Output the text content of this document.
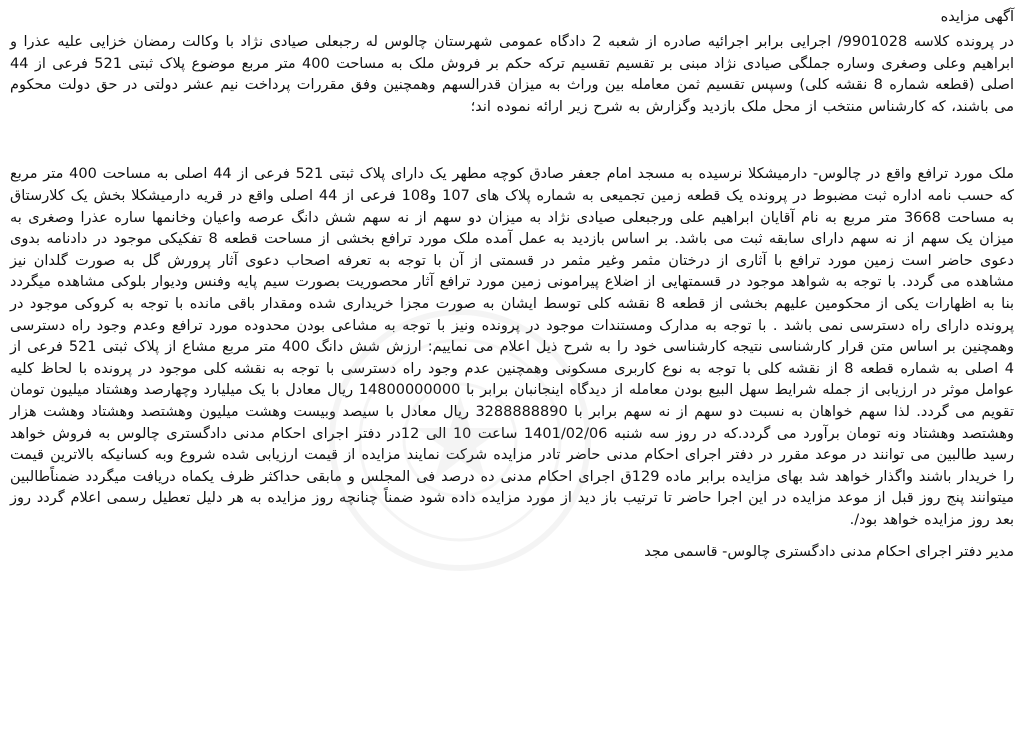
آگهی مزایده

در پرونده کلاسه 9901028/ اجرایی برابر اجرائیه صادره از شعبه 2 دادگاه عمومی شهرستان چالوس له رجبعلی صیادی نژاد با وکالت رمضان خزایی علیه عذرا و ابراهیم وعلی وصغری وساره جملگی صیادی نژاد مبنی بر تقسیم تقسیم ترکه حکم بر فروش ملک به مساحت 400 متر مربع موضوع پلاک ثبتی 521 فرعی از 44 اصلی (قطعه شماره 8 نقشه کلی) وسپس تقسیم ثمن معامله بین وراث به میزان قدرالسهم وهمچنین وفق مقررات پرداخت نیم عشر دولتی در حق دولت محکوم می باشند، که کارشناس منتخب از محل ملک بازدید وگزارش به شرح زیر ارائه نموده اند؛

ملک مورد ترافع واقع در چالوس- دارمیشکلا نرسیده به مسجد امام جعفر صادق کوچه مطهر یک دارای پلاک ثبتی 521 فرعی از 44 اصلی به مساحت 400 متر مربع که حسب نامه اداره ثبت مضبوط در پرونده یک قطعه زمین تجمیعی به شماره پلاک های 107 و108 فرعی از 44 اصلی واقع در قریه دارمیشکلا بخش یک کلارستاق به مساحت 3668 متر مربع به نام آقایان ابراهیم علی ورجبعلی صیادی نژاد به میزان دو سهم از نه سهم شش دانگ عرصه واعیان وخانمها ساره عذرا وصغری به میزان یک سهم از نه سهم دارای سابقه ثبت می باشد. بر اساس بازدید به عمل آمده ملک مورد ترافع بخشی از مساحت قطعه 8 تفکیکی موجود در دادنامه بدوی دعوی حاضر است زمین مورد ترافع با آثاری از درختان مثمر وغیر مثمر در قسمتی از آن با توجه به تعرفه اصحاب دعوی آثار پرورش گل به صورت گلدان نیز مشاهده می گردد. با توجه به شواهد موجود در قسمتهایی از اضلاع پیرامونی زمین مورد ترافع آثار محصوریت بصورت سیم پایه وفنس ودیوار بلوکی مشاهده میگردد بنا به اظهارات یکی از محکومین علیهم بخشی از قطعه 8 نقشه کلی توسط ایشان به صورت مجزا خریداری شده ومقدار باقی مانده با توجه به کروکی موجود در پرونده دارای راه دسترسی نمی باشد . با توجه به مدارک ومستندات موجود در پرونده ونیز با توجه به مشاعی بودن محدوده مورد ترافع وعدم وجود راه دسترسی وهمچنین بر اساس متن قرار کارشناسی نتیجه کارشناسی خود را به شرح ذیل اعلام می نماییم: ارزش شش دانگ 400 متر مربع مشاع از پلاک ثبتی 521 فرعی از 4 اصلی به شماره قطعه 8 از نقشه کلی با توجه به نوع کاربری مسکونی وهمچنین عدم وجود راه دسترسی با توجه به نقشه کلی موجود در پرونده با لحاظ کلیه عوامل موثر در ارزیابی از جمله شرایط سهل البیع بودن معامله از دیدگاه اینجانبان برابر با 14800000000 ریال معادل با یک میلیارد وچهارصد وهشتاد میلیون تومان تقویم می گردد. لذا سهم خواهان به نسبت دو سهم از نه سهم برابر با 3288888890 ریال معادل با سیصد وبیست وهشت میلیون وهشتصد وهشتاد وهشت هزار وهشتصد وهشتاد ونه تومان برآورد می گردد.که در روز سه شنبه 1401/02/06 ساعت 10 الی 12در دفتر اجرای احکام مدنی دادگستری چالوس به فروش خواهد رسید طالبین می توانند در موعد مقرر در دفتر اجرای احکام مدنی حاضر تادر مزایده شرکت نمایند مزایده از قیمت ارزیابی شده شروع وبه کسانیکه بالاترین قیمت را خریدار باشند واگذار خواهد شد بهای مزایده برابر ماده 129ق اجرای احکام مدنی ده درصد فی المجلس و مابقی حداکثر ظرف یکماه دریافت میگردد ضمناًطالبین میتوانند پنج روز قبل از موعد مزایده در این اجرا حاضر تا ترتیب باز دید از مورد مزایده داده شود ضمناً چنانچه روز مزایده به هر دلیل تعطیل رسمی اعلام گردد روز بعد روز مزایده خواهد بود/.

مدیر دفتر اجرای احکام مدنی دادگستری چالوس- قاسمی مجد
